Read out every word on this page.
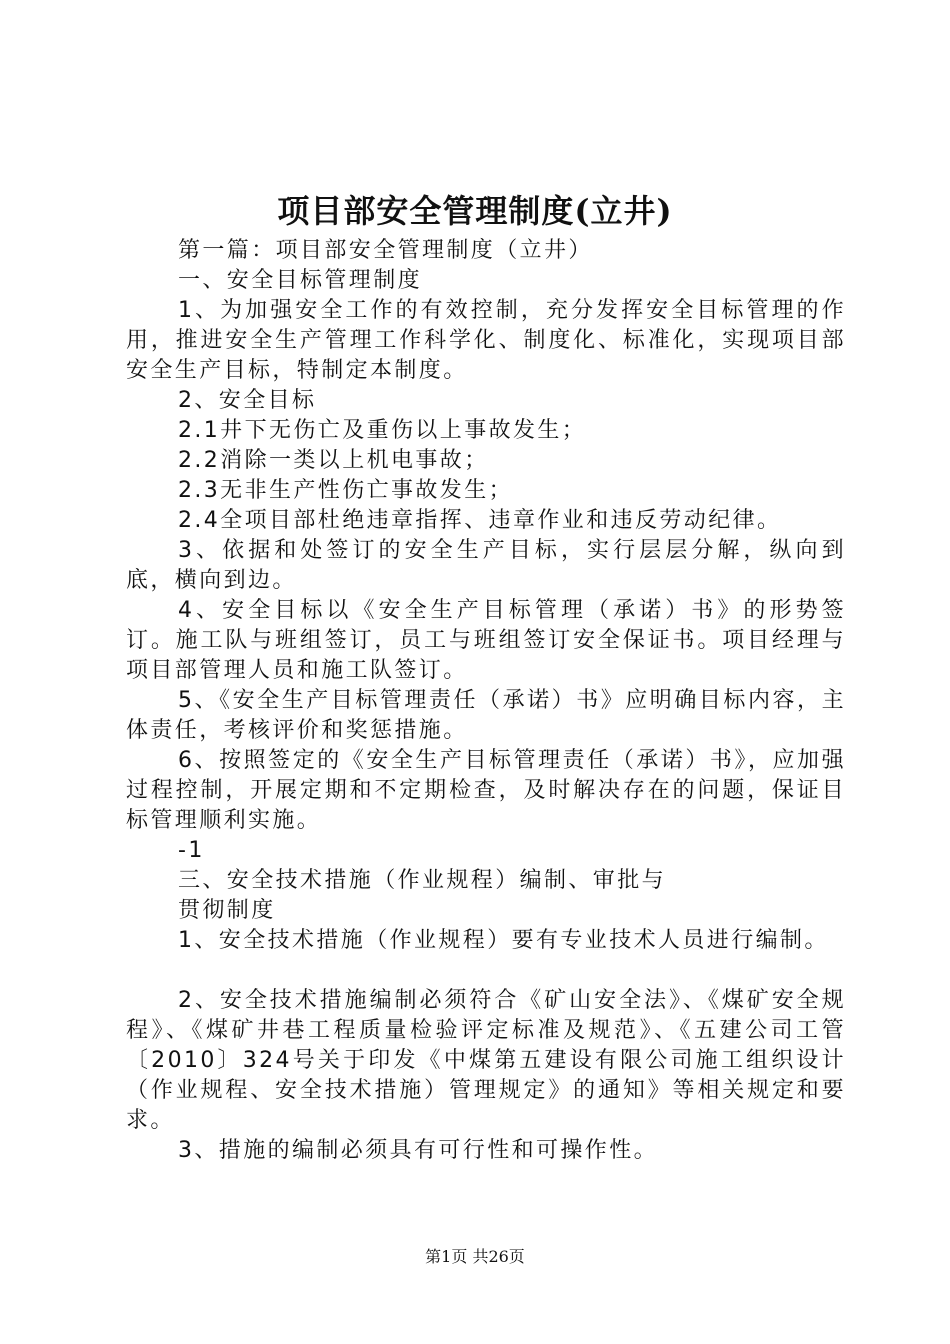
项目部安全管理制度(立井)

第一篇：项目部安全管理制度（立井）

一、安全目标管理制度

1、为加强安全工作的有效控制，充分发挥安全目标管理的作用，推进安全生产管理工作科学化、制度化、标准化，实现项目部安全生产目标，特制定本制度。

2、安全目标

2.1井下无伤亡及重伤以上事故发生；

2.2消除一类以上机电事故；

2.3无非生产性伤亡事故发生；

2.4全项目部杜绝违章指挥、违章作业和违反劳动纪律。

3、依据和处签订的安全生产目标，实行层层分解，纵向到底，横向到边。

4、安全目标以《安全生产目标管理（承诺）书》的形势签订。施工队与班组签订，员工与班组签订安全保证书。项目经理与项目部管理人员和施工队签订。

5、《安全生产目标管理责任（承诺）书》应明确目标内容，主体责任，考核评价和奖惩措施。

6、按照签定的《安全生产目标管理责任（承诺）书》，应加强过程控制，开展定期和不定期检查，及时解决存在的问题，保证目标管理顺利实施。

-1

三、安全技术措施（作业规程）编制、审批与

贯彻制度

1、安全技术措施（作业规程）要有专业技术人员进行编制。

2、安全技术措施编制必须符合《矿山安全法》、《煤矿安全规程》、《煤矿井巷工程质量检验评定标准及规范》、《五建公司工管〔2010〕324号关于印发《中煤第五建设有限公司施工组织设计（作业规程、安全技术措施）管理规定》的通知》等相关规定和要求。

3、措施的编制必须具有可行性和可操作性。

第1页 共26页
